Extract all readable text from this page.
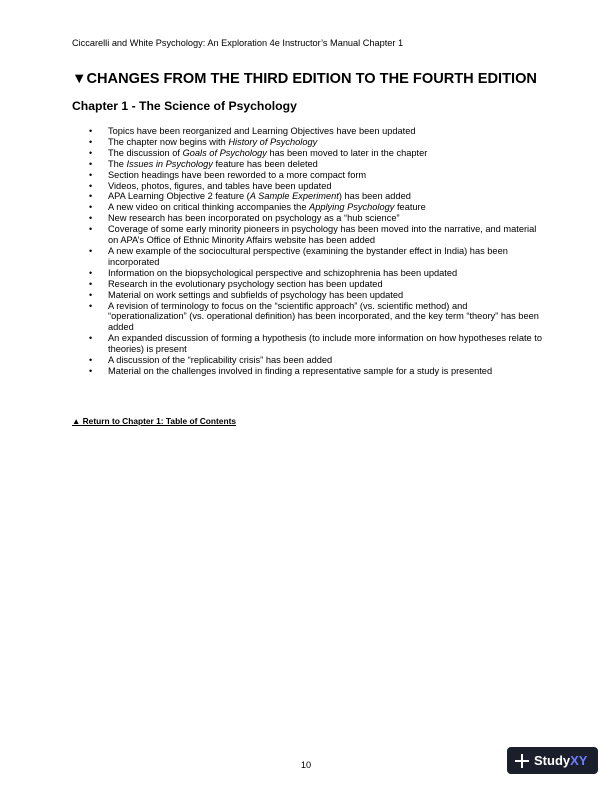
Ciccarelli and White Psychology: An Exploration 4e Instructor’s Manual Chapter 1
▼CHANGES FROM THE THIRD EDITION TO THE FOURTH EDITION
Chapter 1 - The Science of Psychology
• Topics have been reorganized and Learning Objectives have been updated
• The chapter now begins with History of Psychology
• The discussion of Goals of Psychology has been moved to later in the chapter
• The Issues in Psychology feature has been deleted
• Section headings have been reworded to a more compact form
• Videos, photos, figures, and tables have been updated
• APA Learning Objective 2 feature (A Sample Experiment) has been added
• A new video on critical thinking accompanies the Applying Psychology feature
• New research has been incorporated on psychology as a “hub science”
• Coverage of some early minority pioneers in psychology has been moved into the narrative, and material on APA’s Office of Ethnic Minority Affairs website has been added
• A new example of the sociocultural perspective (examining the bystander effect in India) has been incorporated
• Information on the biopsychological perspective and schizophrenia has been updated
• Research in the evolutionary psychology section has been updated
• Material on work settings and subfields of psychology has been updated
• A revision of terminology to focus on the “scientific approach” (vs. scientific method) and “operationalization” (vs. operational definition) has been incorporated, and the key term “theory” has been added
• An expanded discussion of forming a hypothesis (to include more information on how hypotheses relate to theories) is present
• A discussion of the “replicability crisis” has been added
• Material on the challenges involved in finding a representative sample for a study is presented
▲ Return to Chapter 1: Table of Contents
10	StudyXY
